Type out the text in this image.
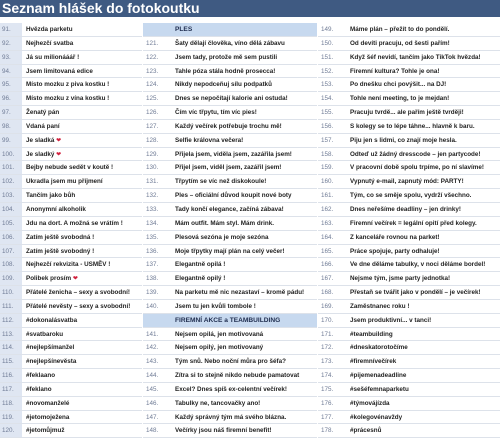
Seznam hlášek do fotokoutku
91.	Hvězda parketu
92.	Nejhezčí svatba
93.	Já su milionááář !
94.	Jsem limitovaná edice
95.	Místo mozku z piva kostku !
96.	Místo mozku z vína kostku !
97.	Ženatý pán
98.	Vdaná paní
99.	Je sladká ❤
100.	Je sladký ❤
101.	Bejby nebude sedět v koutě !
102.	Ukradla jsem mu příjmení
103.	Tančím jako bůh
104.	Anonymní alkoholik
105.	Jdu na dort. A možná se vrátím !
106.	Zatím ještě svobodná !
107.	Zatím ještě svobodný !
108.	Nejhezčí rekvizita - USMĚV !
109.	Polibek prosím ❤
110.	Přátelé ženicha – sexy a svobodní!
111.	Přátelé nevěsty – sexy a svobodní!
112.	#dokonalásvatba
113.	#svatbaroku
114.	#nejlepšímanžel
115.	#nejlepšínevěsta
116.	#feklaano
117.	#feklano
118.	#novomanželé
119.	#jetomoježena
120.	#jetomůjmuž
PLES
121.	Šaty dělají člověka, víno dělá zábavu
122.	Jsem tady, protože mě sem pustili
123.	Tahle póza stála hodně prosecca!
124.	Nikdy nepodceňuj sílu podpatků
125.	Dnes se nepočítají kalorie ani ostuda!
126.	Čím víc třpytu, tím víc pies!
127.	Každý večírek potřebuje trochu mě!
128.	Selfie královna večera!
129.	Přijela jsem, viděla jsem, zazářila jsem!
130.	Přijel jsem, viděl jsem, zazářil jsem!
131.	Třpytím se víc než diskokoule!
132.	Ples – oficiální důvod koupit nové boty
133.	Tady končí elegance, začíná zábava!
134.	Mám outfit. Mám styl. Mám drink.
135.	Plesová sezóna je moje sezóna
136.	Moje třpytky mají plán na celý večer!
137.	Elegantně opilá !
138.	Elegantně opilý !
139.	Na parketu mě nic nezastaví – kromě pádu!
140.	Jsem tu jen kvůli tombole !
FIREMNÍ AKCE a TEAMBUILDING
141.	Nejsem opilá, jen motivovaná
142.	Nejsem opilý, jen motivovaný
143.	Tým snů. Nebo noční můra pro šéfa?
144.	Zítra si to stejně nikdo nebude pamatovat
145.	Excel? Dnes spíš ex-celentní večírek!
146.	Tabulky ne, tancovačky ano!
147.	Každý správný tým má svého blázna.
148.	Večírky jsou náš firemní benefit!
149.	Máme plán – přežít to do pondělí.
150.	Od devíti pracuju, od šesti pařím!
151.	Když šéf nevidí, tančím jako TikTok hvězda!
152.	Firemní kultura? Tohle je ona!
153.	Po dnešku chci povýšit... na DJ!
154.	Tohle není meeting, to je mejdan!
155.	Pracuju tvrdě... ale pařím ještě tvrději!
156.	S kolegy se to lépe táhne... hlavně k baru.
157.	Piju jen s lidmi, co znají moje hesla.
158.	Odteď už žádný dresscode – jen partycode!
159.	V pracovní době spolu trpíme, po ní slavíme!
160.	Vypnutý e-mail, zapnutý mód: PARTY!
161.	Tým, co se směje spolu, vydrží všechno.
162.	Dnes neřešíme deadliny – jen drinky!
163.	Firemní večírek = legální opití před kolegy.
164.	Z kanceláře rovnou na parket!
165.	Práce spojuje, party odhaluje!
166.	Ve dne děláme tabulky, v noci děláme bordel!
167.	Nejsme tým, jsme party jednotka!
168.	Přestaň se tvářit jako v pondělí – je večírek!
169.	Zaměstnanec roku !
170.	Jsem produktivní... v tanci!
171.	#teambuilding
172.	#dneskatorotočíme
173.	#firemnívečírek
174.	#pijemenadeadline
175.	#sešéfemnaparketu
176.	#týmovájízda
177.	#kolegovénavždy
178.	#prácesnů
